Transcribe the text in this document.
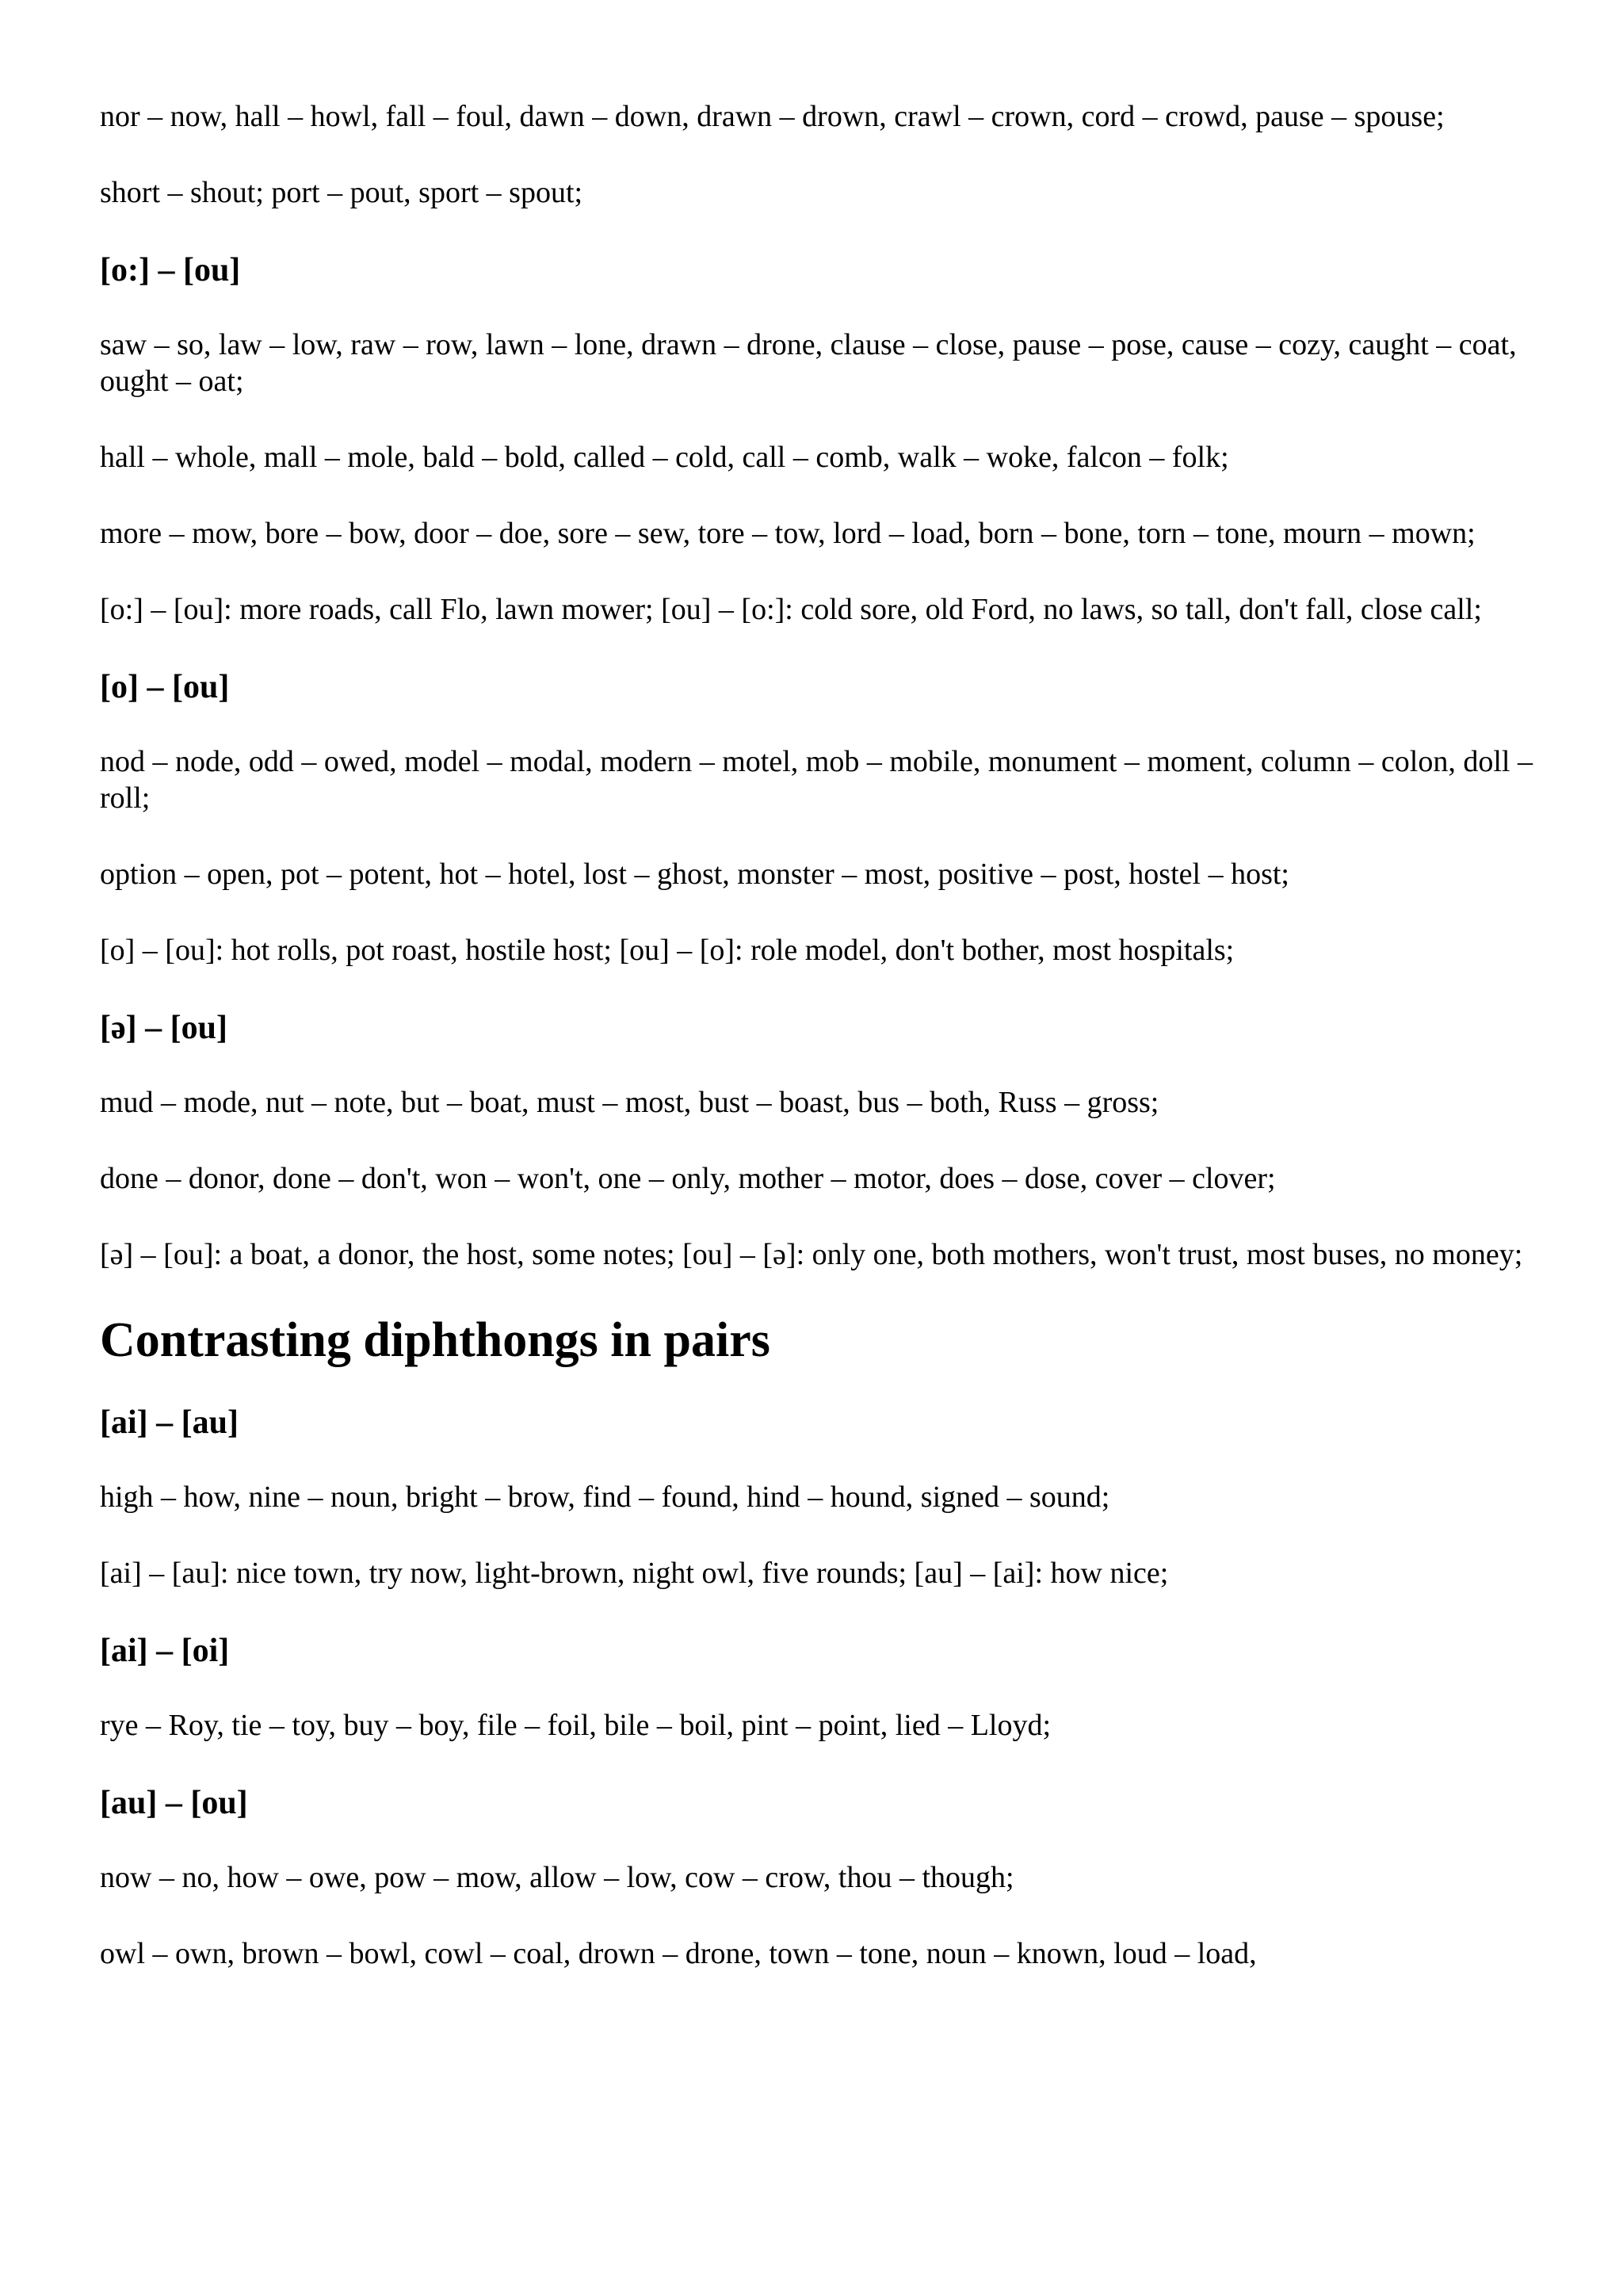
nor – now, hall – howl, fall – foul, dawn – down, drawn – drown, crawl – crown, cord – crowd, pause – spouse;

short – shout; port – pout, sport – spout;

[o:] – [ou]

saw – so, law – low, raw – row, lawn – lone, drawn – drone, clause – close, pause – pose, cause – cozy, caught – coat, ought – oat;

hall – whole, mall – mole, bald – bold, called – cold, call – comb, walk – woke, falcon – folk;

more – mow, bore – bow, door – doe, sore – sew, tore – tow, lord – load, born – bone, torn – tone, mourn – mown;

[o:] – [ou]: more roads, call Flo, lawn mower; [ou] – [o:]: cold sore, old Ford, no laws, so tall, don't fall, close call;

[o] – [ou]

nod – node, odd – owed, model – modal, modern – motel, mob – mobile, monument – moment, column – colon, doll – roll;

option – open, pot – potent, hot – hotel, lost – ghost, monster – most, positive – post, hostel – host;

[o] – [ou]: hot rolls, pot roast, hostile host; [ou] – [o]: role model, don't bother, most hospitals;

[ə] – [ou]

mud – mode, nut – note, but – boat, must – most, bust – boast, bus – both, Russ – gross;

done – donor, done – don't, won – won't, one – only, mother – motor, does – dose, cover – clover;

[ə] – [ou]: a boat, a donor, the host, some notes; [ou] – [ə]: only one, both mothers, won't trust, most buses, no money;

Contrasting diphthongs in pairs
[ai] – [au]

high – how, nine – noun, bright – brow, find – found, hind – hound, signed – sound;

[ai] – [au]: nice town, try now, light-brown, night owl, five rounds; [au] – [ai]: how nice;

[ai] – [oi]

rye – Roy, tie – toy, buy – boy, file – foil, bile – boil, pint – point, lied – Lloyd;

[au] – [ou]

now – no, how – owe, pow – mow, allow – low, cow – crow, thou – though;

owl – own, brown – bowl, cowl – coal, drown – drone, town – tone, noun – known, loud – load,
